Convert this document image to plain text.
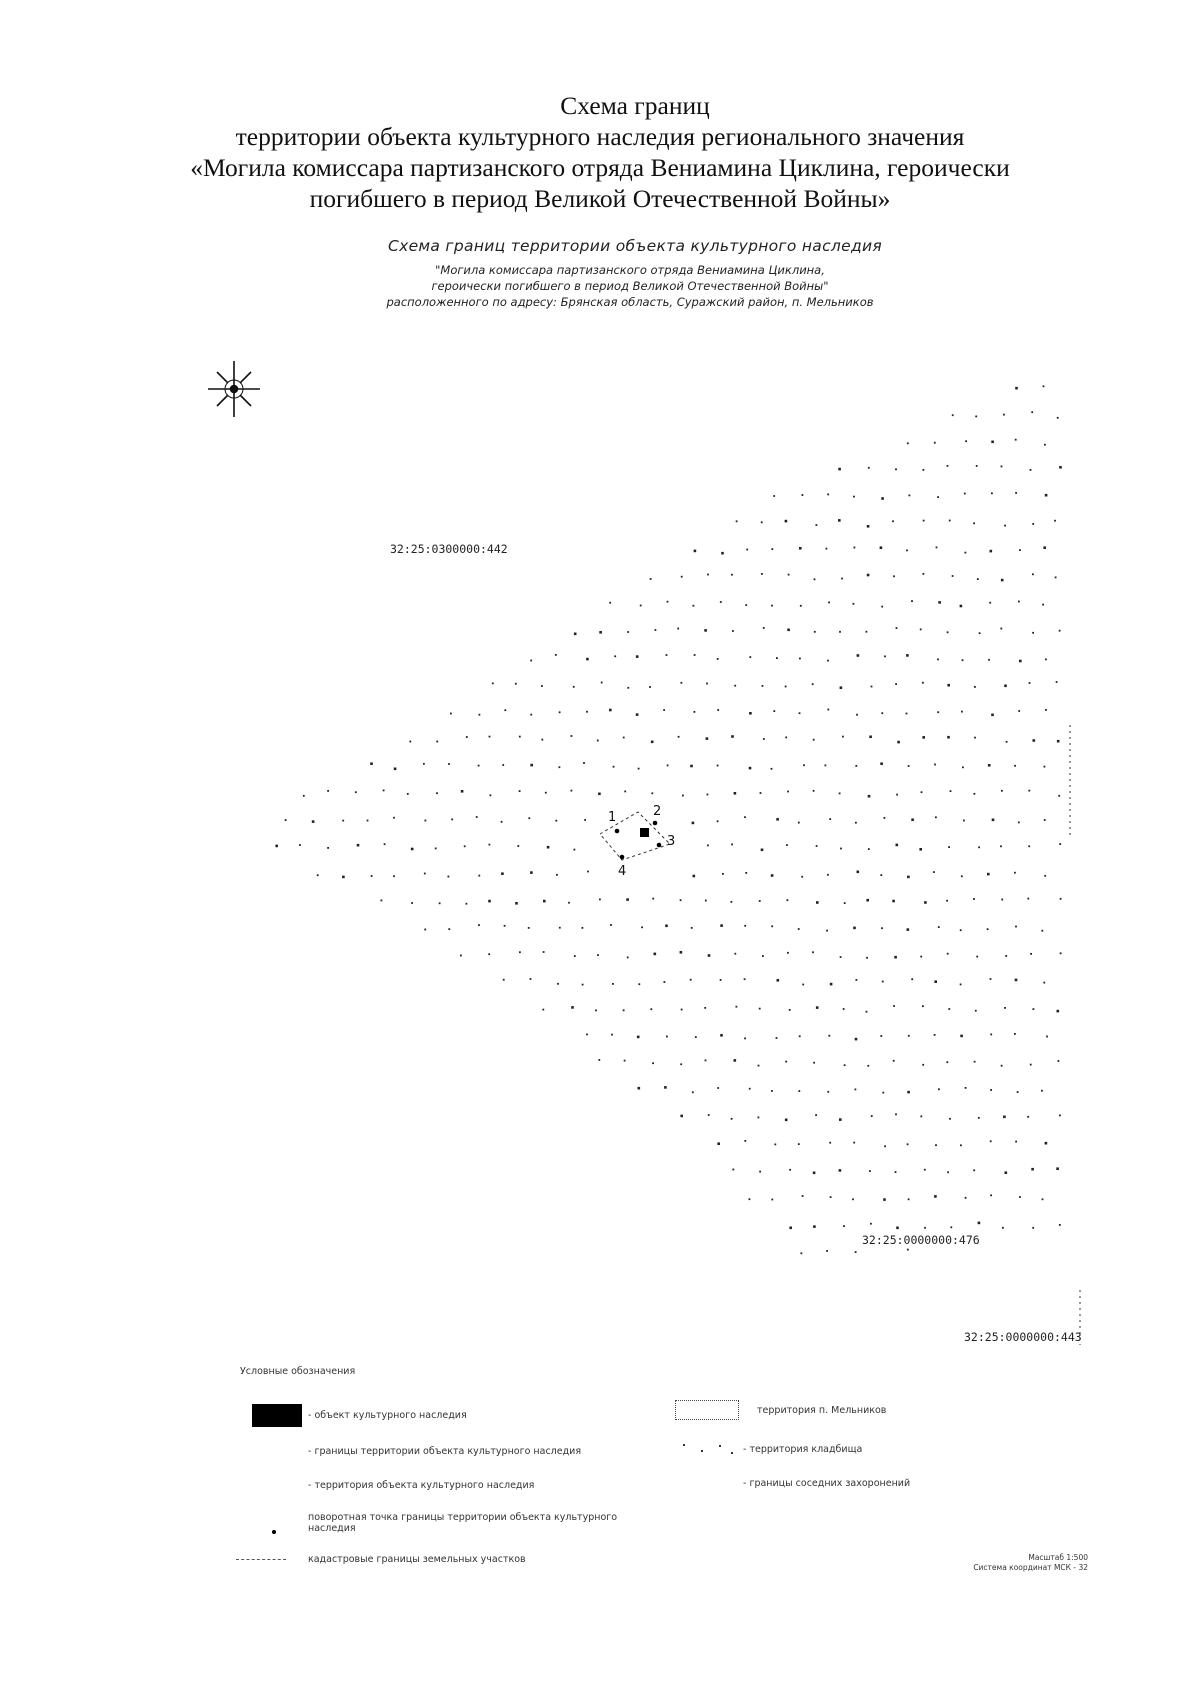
Схема границ
территории объекта культурного наследия регионального значения
«Могила комиссара партизанского отряда Вениамина Циклина, героически
погибшего в период Великой Отечественной Войны»
Схема границ территории объекта культурного наследия
"Могила комиссара партизанского отряда Вениамина Циклина,
героически погибшего в период Великой Отечественной Войны"
расположенного по адресу: Брянская область, Суражский район, п. Мельников
1	2
3
4
32:25:0300000:442
32:25:0000000:476
32:25:0000000:443
Условные обозначения
- объект культурного наследия
- границы территории объекта культурного наследия
- территория объекта культурного наследия
поворотная точка границы территории объекта культурного наследия
кадастровые границы земельных участков
территория п. Мельников
- территория кладбища
- границы соседних захоронений
Масштаб 1:500
Система координат МСК - 32
